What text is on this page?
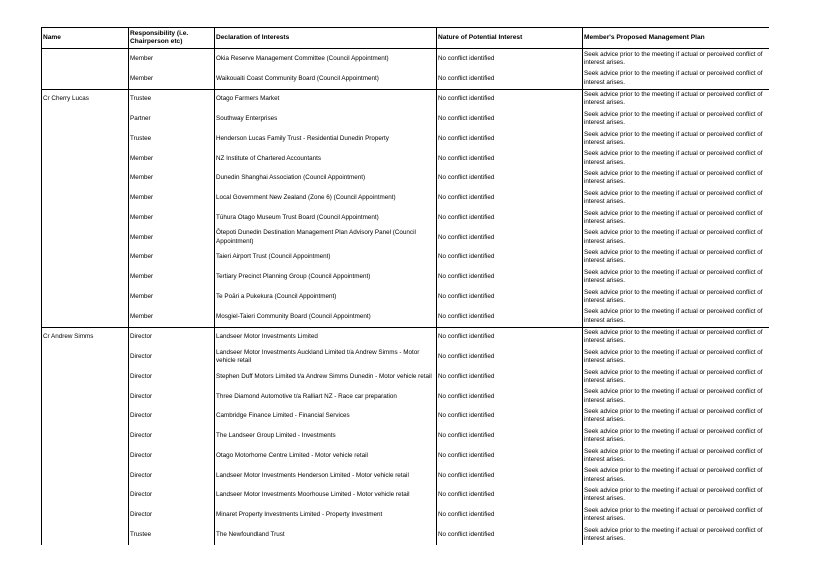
Name	Responsibility (i.e. Chairperson etc)	Declaration of Interests	Nature of Potential Interest	Member's Proposed Management Plan
	Member	Okia Reserve Management Committee (Council Appointment)	No conflict identified	Seek advice prior to the meeting if actual or perceived conflict of interest arises.
	Member	Waikouaiti Coast Community Board (Council Appointment)	No conflict identified	Seek advice prior to the meeting if actual or perceived conflict of interest arises.
Cr Cherry Lucas	Trustee	Otago Farmers Market	No conflict identified	Seek advice prior to the meeting if actual or perceived conflict of interest arises.
	Partner	Southway Enterprises	No conflict identified	Seek advice prior to the meeting if actual or perceived conflict of interest arises.
	Trustee	Henderson Lucas Family Trust - Residential Dunedin Property	No conflict identified	Seek advice prior to the meeting if actual or perceived conflict of interest arises.
	Member	NZ Institute of Chartered Accountants	No conflict identified	Seek advice prior to the meeting if actual or perceived conflict of interest arises.
	Member	Dunedin Shanghai Association (Council Appointment)	No conflict identified	Seek advice prior to the meeting if actual or perceived conflict of interest arises.
	Member	Local Government New Zealand (Zone 6) (Council Appointment)	No conflict identified	Seek advice prior to the meeting if actual or perceived conflict of interest arises.
	Member	Tūhura Otago Museum Trust Board (Council Appointment)	No conflict identified	Seek advice prior to the meeting if actual or perceived conflict of interest arises.
	Member	Ōtepoti Dunedin Destination Management Plan Advisory Panel (Council Appointment)	No conflict identified	Seek advice prior to the meeting if actual or perceived conflict of interest arises.
	Member	Taieri Airport Trust (Council Appointment)	No conflict identified	Seek advice prior to the meeting if actual or perceived conflict of interest arises.
	Member	Tertiary Precinct Planning Group (Council Appointment)	No conflict identified	Seek advice prior to the meeting if actual or perceived conflict of interest arises.
	Member	Te Poāri a Pukekura (Council Appointment)	No conflict identified	Seek advice prior to the meeting if actual or perceived conflict of interest arises.
	Member	Mosgiel-Taieri Community Board (Council Appointment)	No conflict identified	Seek advice prior to the meeting if actual or perceived conflict of interest arises.
Cr Andrew Simms	Director	Landseer Motor Investments Limited	No conflict identified	Seek advice prior to the meeting if actual or perceived conflict of interest arises.
	Director	Landseer Motor Investments Auckland Limited t/a Andrew Simms - Motor vehicle retail	No conflict identified	Seek advice prior to the meeting if actual or perceived conflict of interest arises.
	Director	Stephen Duff Motors Limited t/a Andrew Simms Dunedin - Motor vehicle retail	No conflict identified	Seek advice prior to the meeting if actual or perceived conflict of interest arises.
	Director	Three Diamond Automotive t/a Ralliart NZ - Race car preparation	No conflict identified	Seek advice prior to the meeting if actual or perceived conflict of interest arises.
	Director	Cambridge Finance Limited - Financial Services	No conflict identified	Seek advice prior to the meeting if actual or perceived conflict of interest arises.
	Director	The Landseer Group Limited - Investments	No conflict identified	Seek advice prior to the meeting if actual or perceived conflict of interest arises.
	Director	Otago Motorhome Centre Limited - Motor vehicle retail	No conflict identified	Seek advice prior to the meeting if actual or perceived conflict of interest arises.
	Director	Landseer Motor Investments Henderson Limited - Motor vehicle retail	No conflict identified	Seek advice prior to the meeting if actual or perceived conflict of interest arises.
	Director	Landseer Motor Investments Moorhouse Limited - Motor vehicle retail	No conflict identified	Seek advice prior to the meeting if actual or perceived conflict of interest arises.
	Director	Minaret Property Investments Limited - Property Investment	No conflict identified	Seek advice prior to the meeting if actual or perceived conflict of interest arises.
	Trustee	The Newfoundland Trust	No conflict identified	Seek advice prior to the meeting if actual or perceived conflict of interest arises.
